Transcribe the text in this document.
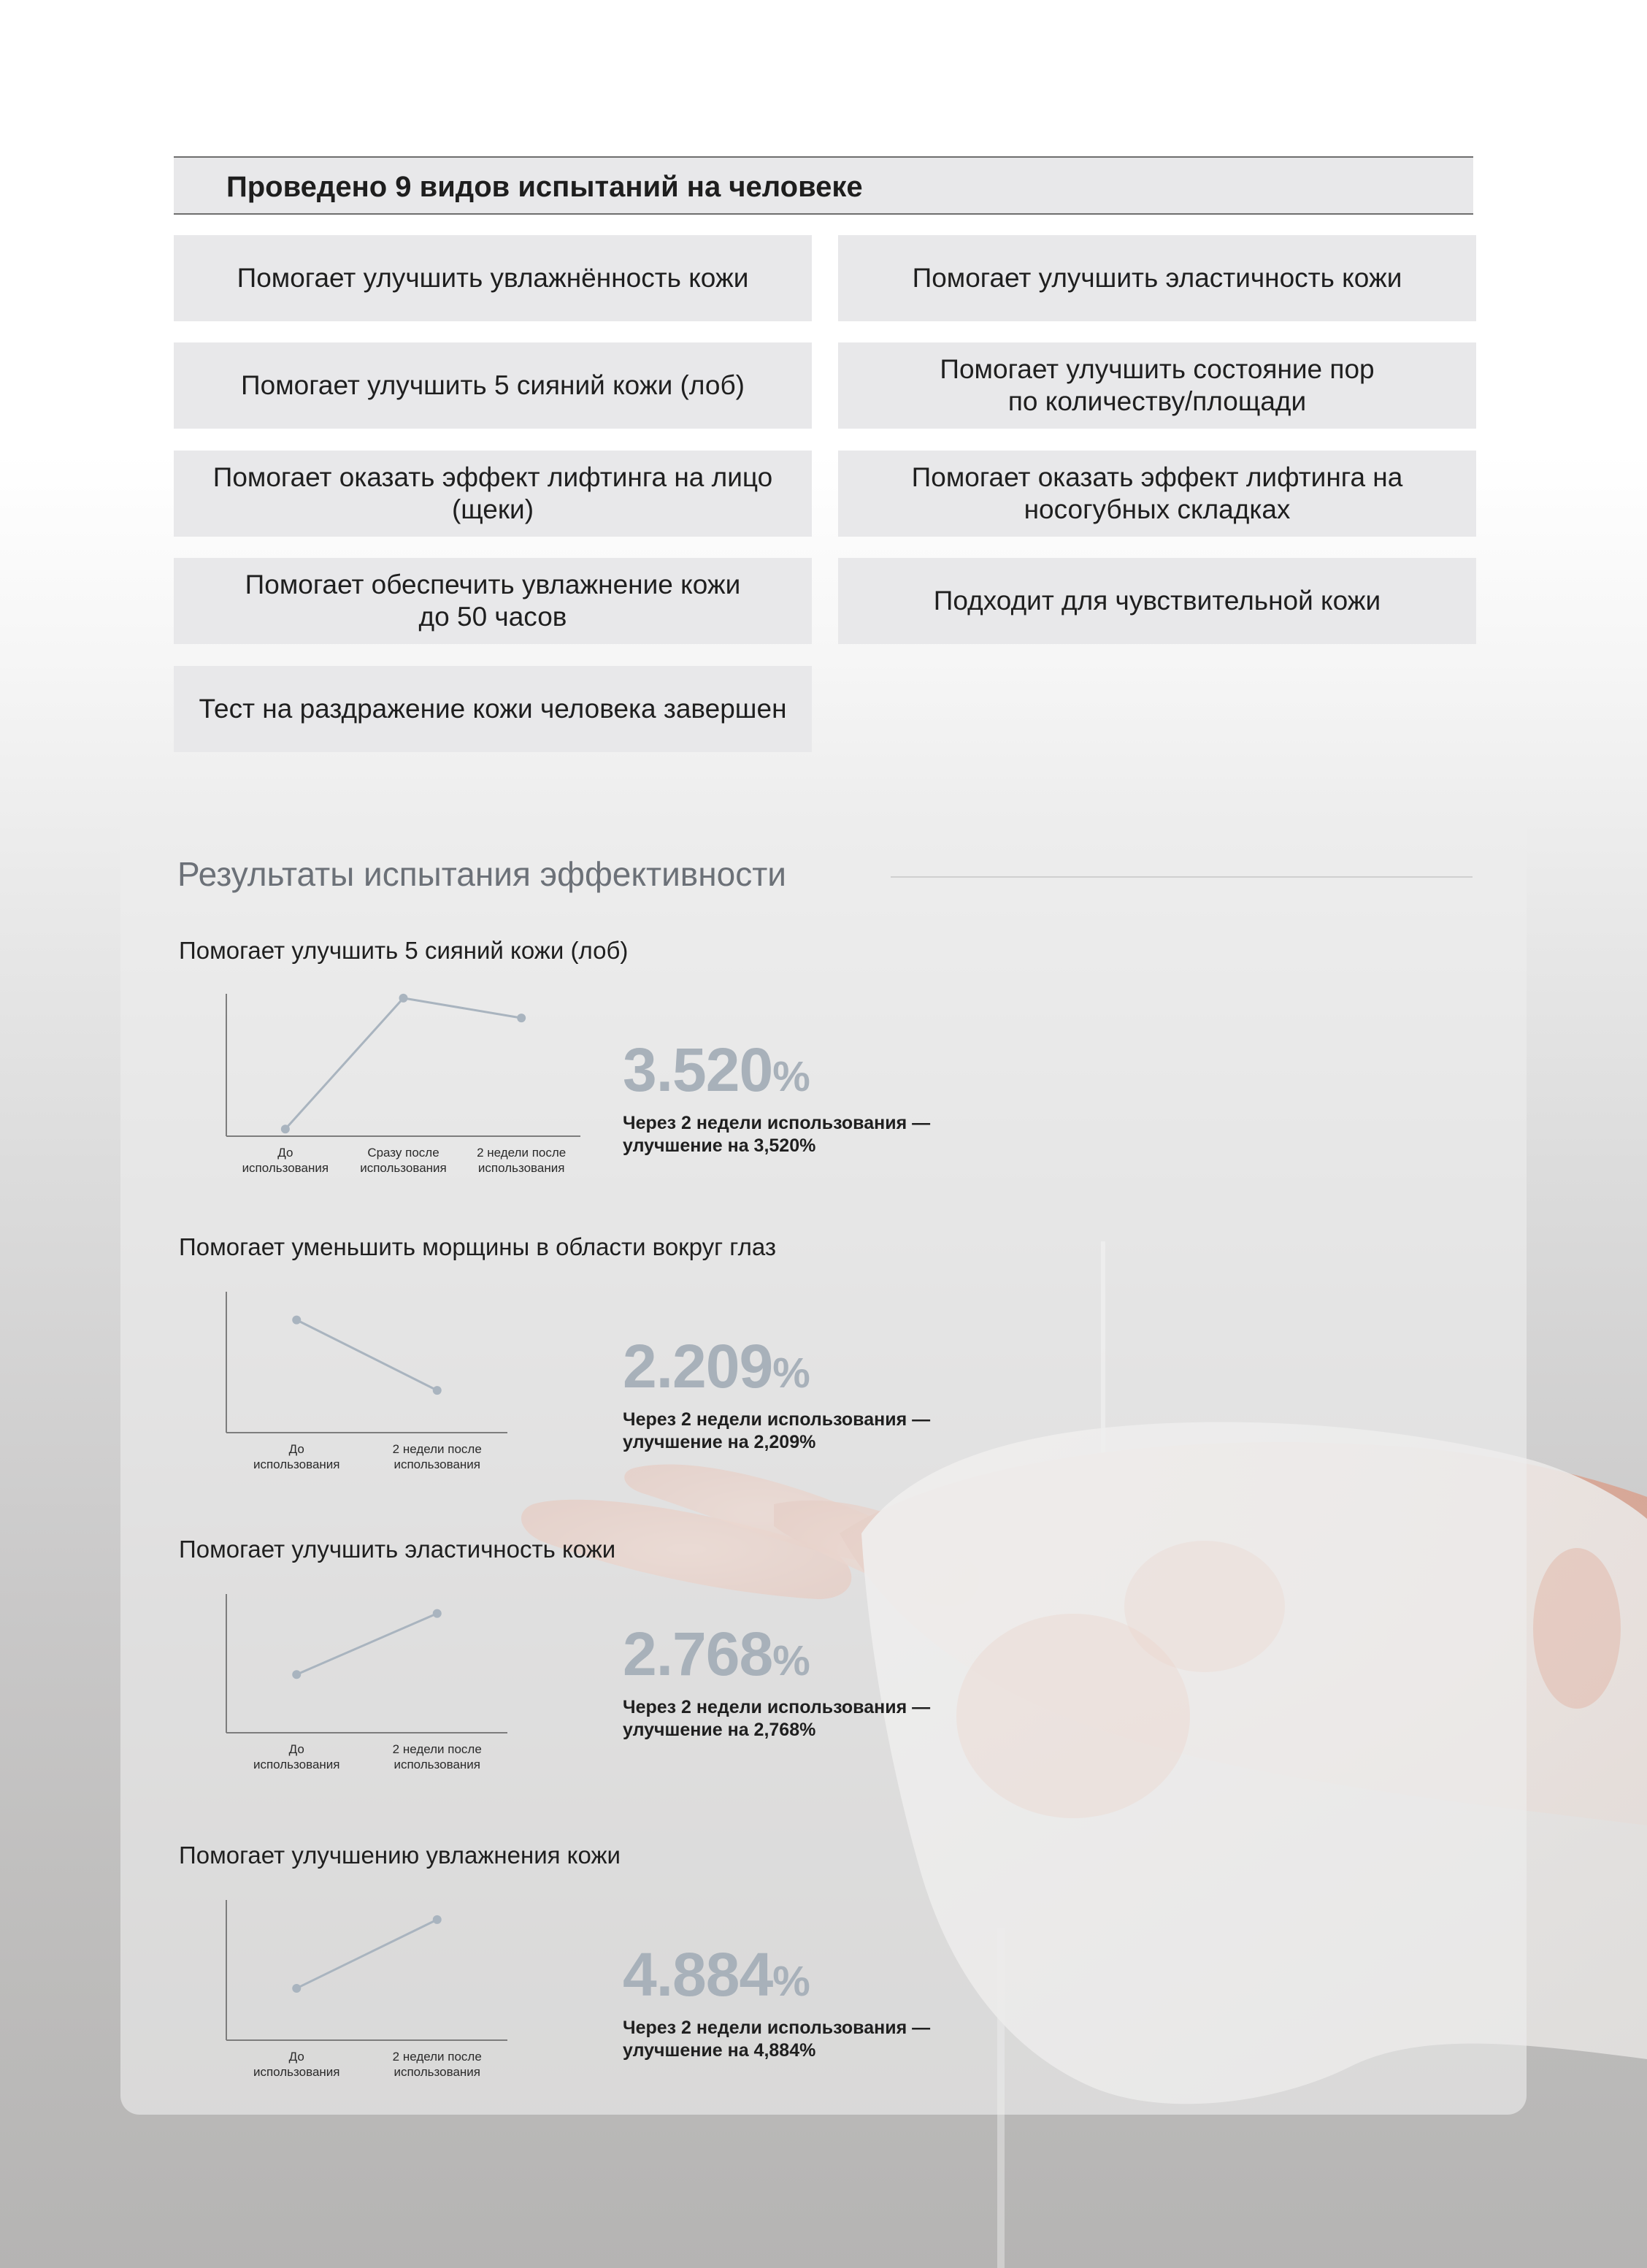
Проведено 9 видов испытаний на человеке
Помогает улучшить увлажнённость кожи	Помогает улучшить эластичность кожи
Помогает улучшить 5 сияний кожи (лоб)
Помогает улучшить состояние пор
по количеству/площади
Помогает оказать эффект лифтинга на лицо
(щеки)
Помогает оказать эффект лифтинга на
носогубных складках
Помогает обеспечить увлажнение кожи
до 50 часов
Подходит для чувствительной кожи
Тест на раздражение кожи человека завершен
Результаты испытания эффективности

Помогает улучшить 5 сияний кожи (лоб)

До использования
Сразу после использования
2 недели после использования
3.520%
Через 2 недели использования —
улучшение на 3,520%

Помогает уменьшить морщины в области вокруг глаз

До использования
2 недели после использования
2.209%
Через 2 недели использования —
улучшение на 2,209%

Помогает улучшить эластичность кожи

До использования
2 недели после использования
2.768%
Через 2 недели использования —
улучшение на 2,768%

Помогает улучшению увлажнения кожи

До использования
2 недели после использования
4.884%
Через 2 недели использования —
улучшение на 4,884%
